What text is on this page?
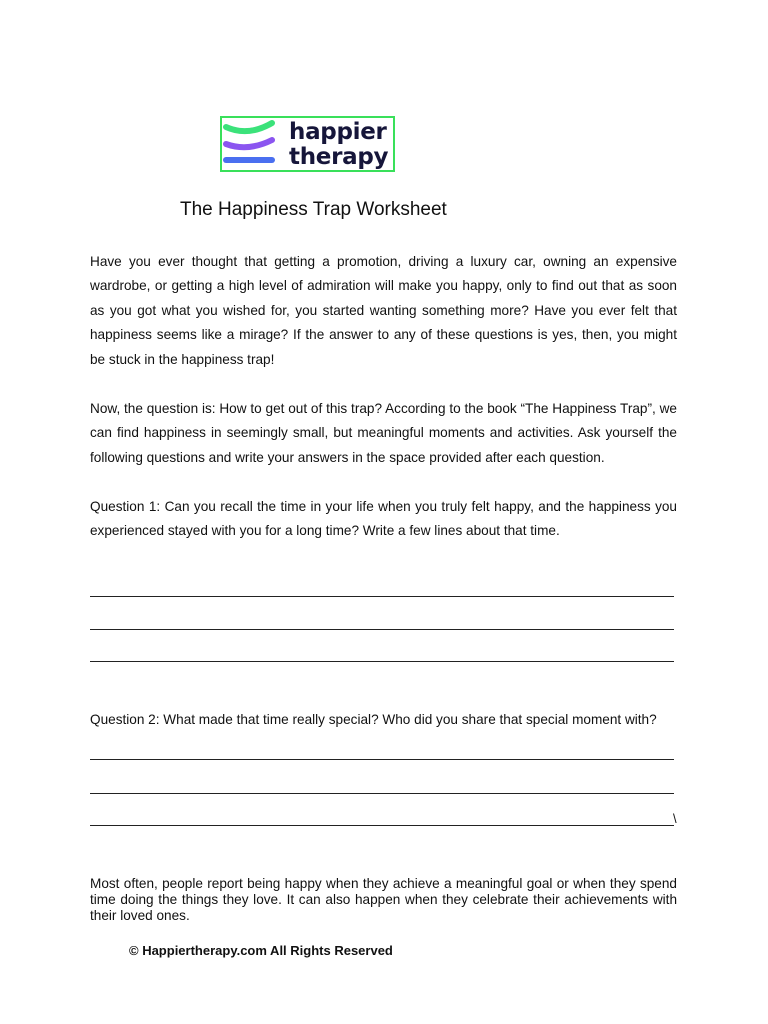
happier
therapy
The Happiness Trap Worksheet

Have you ever thought that getting a promotion, driving a luxury car, owning an expensive wardrobe, or getting a high level of admiration will make you happy, only to find out that as soon as you got what you wished for, you started wanting something more? Have you ever felt that happiness seems like a mirage? If the answer to any of these questions is yes, then, you might be stuck in the happiness trap!

Now, the question is: How to get out of this trap? According to the book “The Happiness Trap”, we can find happiness in seemingly small, but meaningful moments and activities. Ask yourself the following questions and write your answers in the space provided after each question.

Question 1: Can you recall the time in your life when you truly felt happy, and the happiness you experienced stayed with you for a long time? Write a few lines about that time.

Question 2: What made that time really special? Who did you share that special moment with?

\

Most often, people report being happy when they achieve a meaningful goal or when they spend time doing the things they love. It can also happen when they celebrate their achievements with their loved ones.

© Happiertherapy.com All Rights Reserved
